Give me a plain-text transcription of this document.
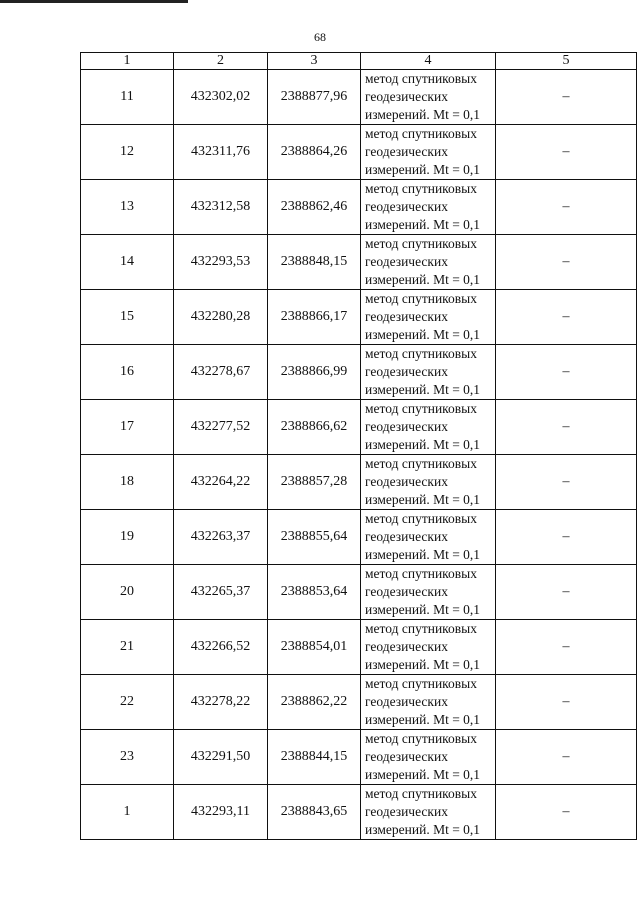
68
1	2	3	4	5
11	432302,02	2388877,96	метод спутниковых
геодезических
измерений. Mt = 0,1	–
12	432311,76	2388864,26	метод спутниковых
геодезических
измерений. Mt = 0,1	–
13	432312,58	2388862,46	метод спутниковых
геодезических
измерений. Mt = 0,1	–
14	432293,53	2388848,15	метод спутниковых
геодезических
измерений. Mt = 0,1	–
15	432280,28	2388866,17	метод спутниковых
геодезических
измерений. Mt = 0,1	–
16	432278,67	2388866,99	метод спутниковых
геодезических
измерений. Mt = 0,1	–
17	432277,52	2388866,62	метод спутниковых
геодезических
измерений. Mt = 0,1	–
18	432264,22	2388857,28	метод спутниковых
геодезических
измерений. Mt = 0,1	–
19	432263,37	2388855,64	метод спутниковых
геодезических
измерений. Mt = 0,1	–
20	432265,37	2388853,64	метод спутниковых
геодезических
измерений. Mt = 0,1	–
21	432266,52	2388854,01	метод спутниковых
геодезических
измерений. Mt = 0,1	–
22	432278,22	2388862,22	метод спутниковых
геодезических
измерений. Mt = 0,1	–
23	432291,50	2388844,15	метод спутниковых
геодезических
измерений. Mt = 0,1	–
1	432293,11	2388843,65	метод спутниковых
геодезических
измерений. Mt = 0,1	–
